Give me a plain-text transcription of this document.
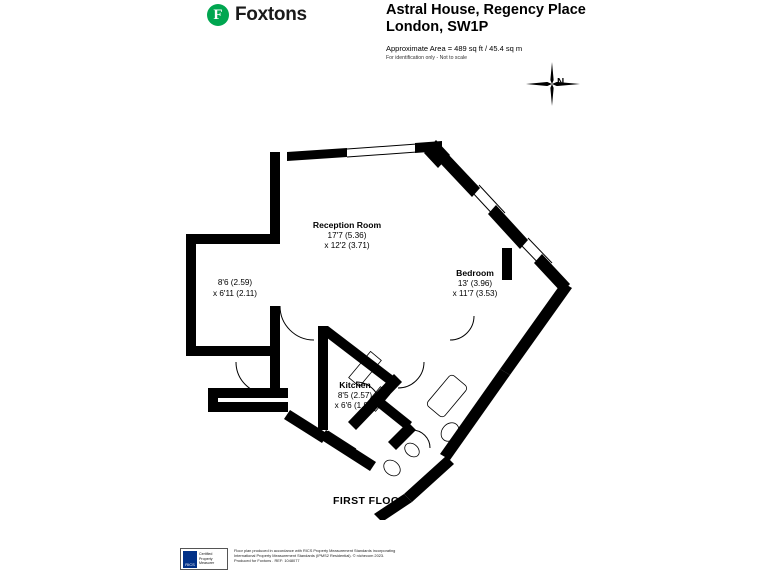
F Foxtons	Astral House, Regency Place
London, SW1P
Approximate Area = 489 sq ft / 45.4 sq m
For identification only - Not to scale
N
Reception Room
17'7 (5.36)
x 12'2 (3.71)
Bedroom
13' (3.96)
x 11'7 (3.53)
Kitchen
8'5 (2.57)
x 6'6 (1.98)
8'6 (2.59)
x 6'11 (2.11)
FIRST FLOOR
RICS
Certified
Property
Measurer
Floor plan produced in accordance with RICS Property Measurement Standards incorporating
International Property Measurement Standards (IPMS2 Residential). © nichecom 2023.
Produced for Foxtons . REF: 1048077
